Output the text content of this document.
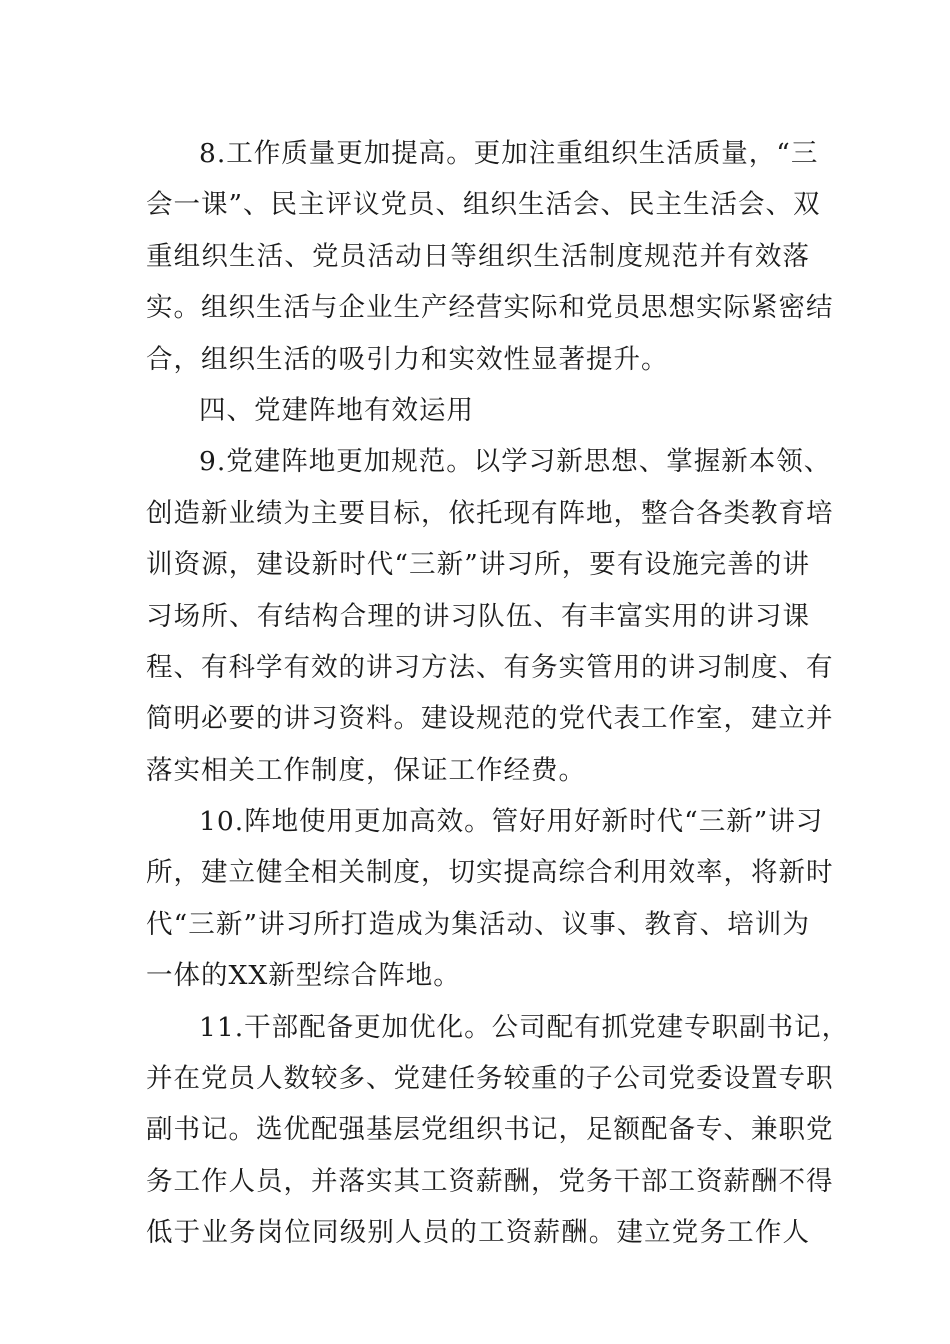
8.工作质量更加提高。更加注重组织生活质量，“三
会一课”、民主评议党员、组织生活会、民主生活会、双
重组织生活、党员活动日等组织生活制度规范并有效落
实。组织生活与企业生产经营实际和党员思想实际紧密结
合，组织生活的吸引力和实效性显著提升。
四、党建阵地有效运用
9.党建阵地更加规范。以学习新思想、掌握新本领、
创造新业绩为主要目标，依托现有阵地，整合各类教育培
训资源，建设新时代“三新”讲习所，要有设施完善的讲
习场所、有结构合理的讲习队伍、有丰富实用的讲习课
程、有科学有效的讲习方法、有务实管用的讲习制度、有
简明必要的讲习资料。建设规范的党代表工作室，建立并
落实相关工作制度，保证工作经费。
10.阵地使用更加高效。管好用好新时代“三新”讲习
所，建立健全相关制度，切实提高综合利用效率，将新时
代“三新”讲习所打造成为集活动、议事、教育、培训为
一体的XX新型综合阵地。
11.干部配备更加优化。公司配有抓党建专职副书记，
并在党员人数较多、党建任务较重的子公司党委设置专职
副书记。选优配强基层党组织书记，足额配备专、兼职党
务工作人员，并落实其工资薪酬，党务干部工资薪酬不得
低于业务岗位同级别人员的工资薪酬。建立党务工作人
